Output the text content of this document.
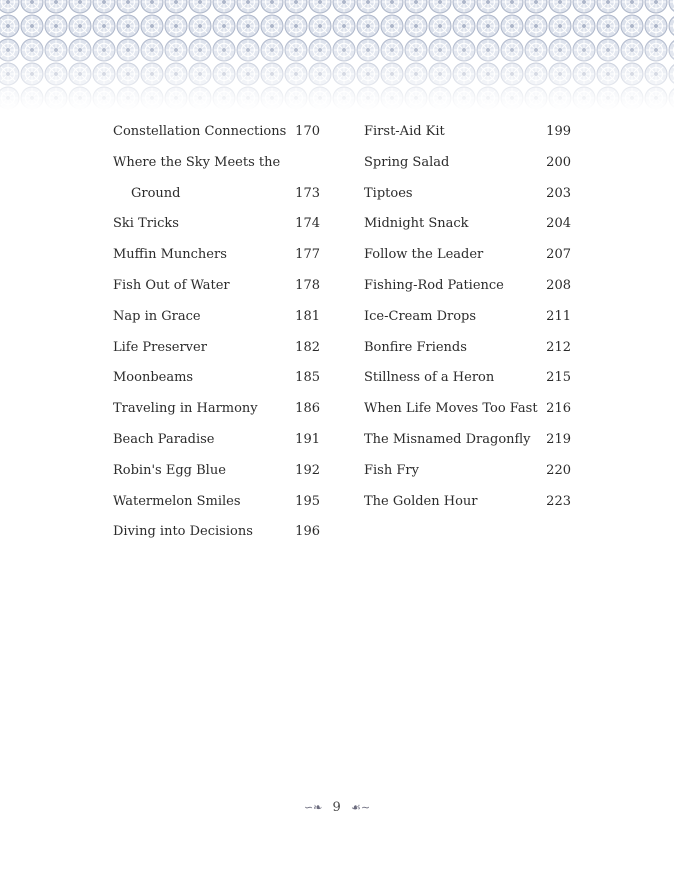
Constellation Connections 170
Where the Sky Meets the
Ground	173
Ski Tricks	174
Muffin Munchers	177
Fish Out of Water	178
Nap in Grace	181
Life Preserver	182
Moonbeams	185
Traveling in Harmony	186
Beach Paradise	191
Robin's Egg Blue	192
Watermelon Smiles	195
Diving into Decisions	196
First-Aid Kit	199
Spring Salad	200
Tiptoes	203
Midnight Snack	204
Follow the Leader	207
Fishing-Rod Patience	208
Ice-Cream Drops	211
Bonfire Friends	212
Stillness of a Heron	215
When Life Moves Too Fast 216
The Misnamed Dragonfly	219
Fish Fry	220
The Golden Hour	223
∽❧ 9 ☙∼
